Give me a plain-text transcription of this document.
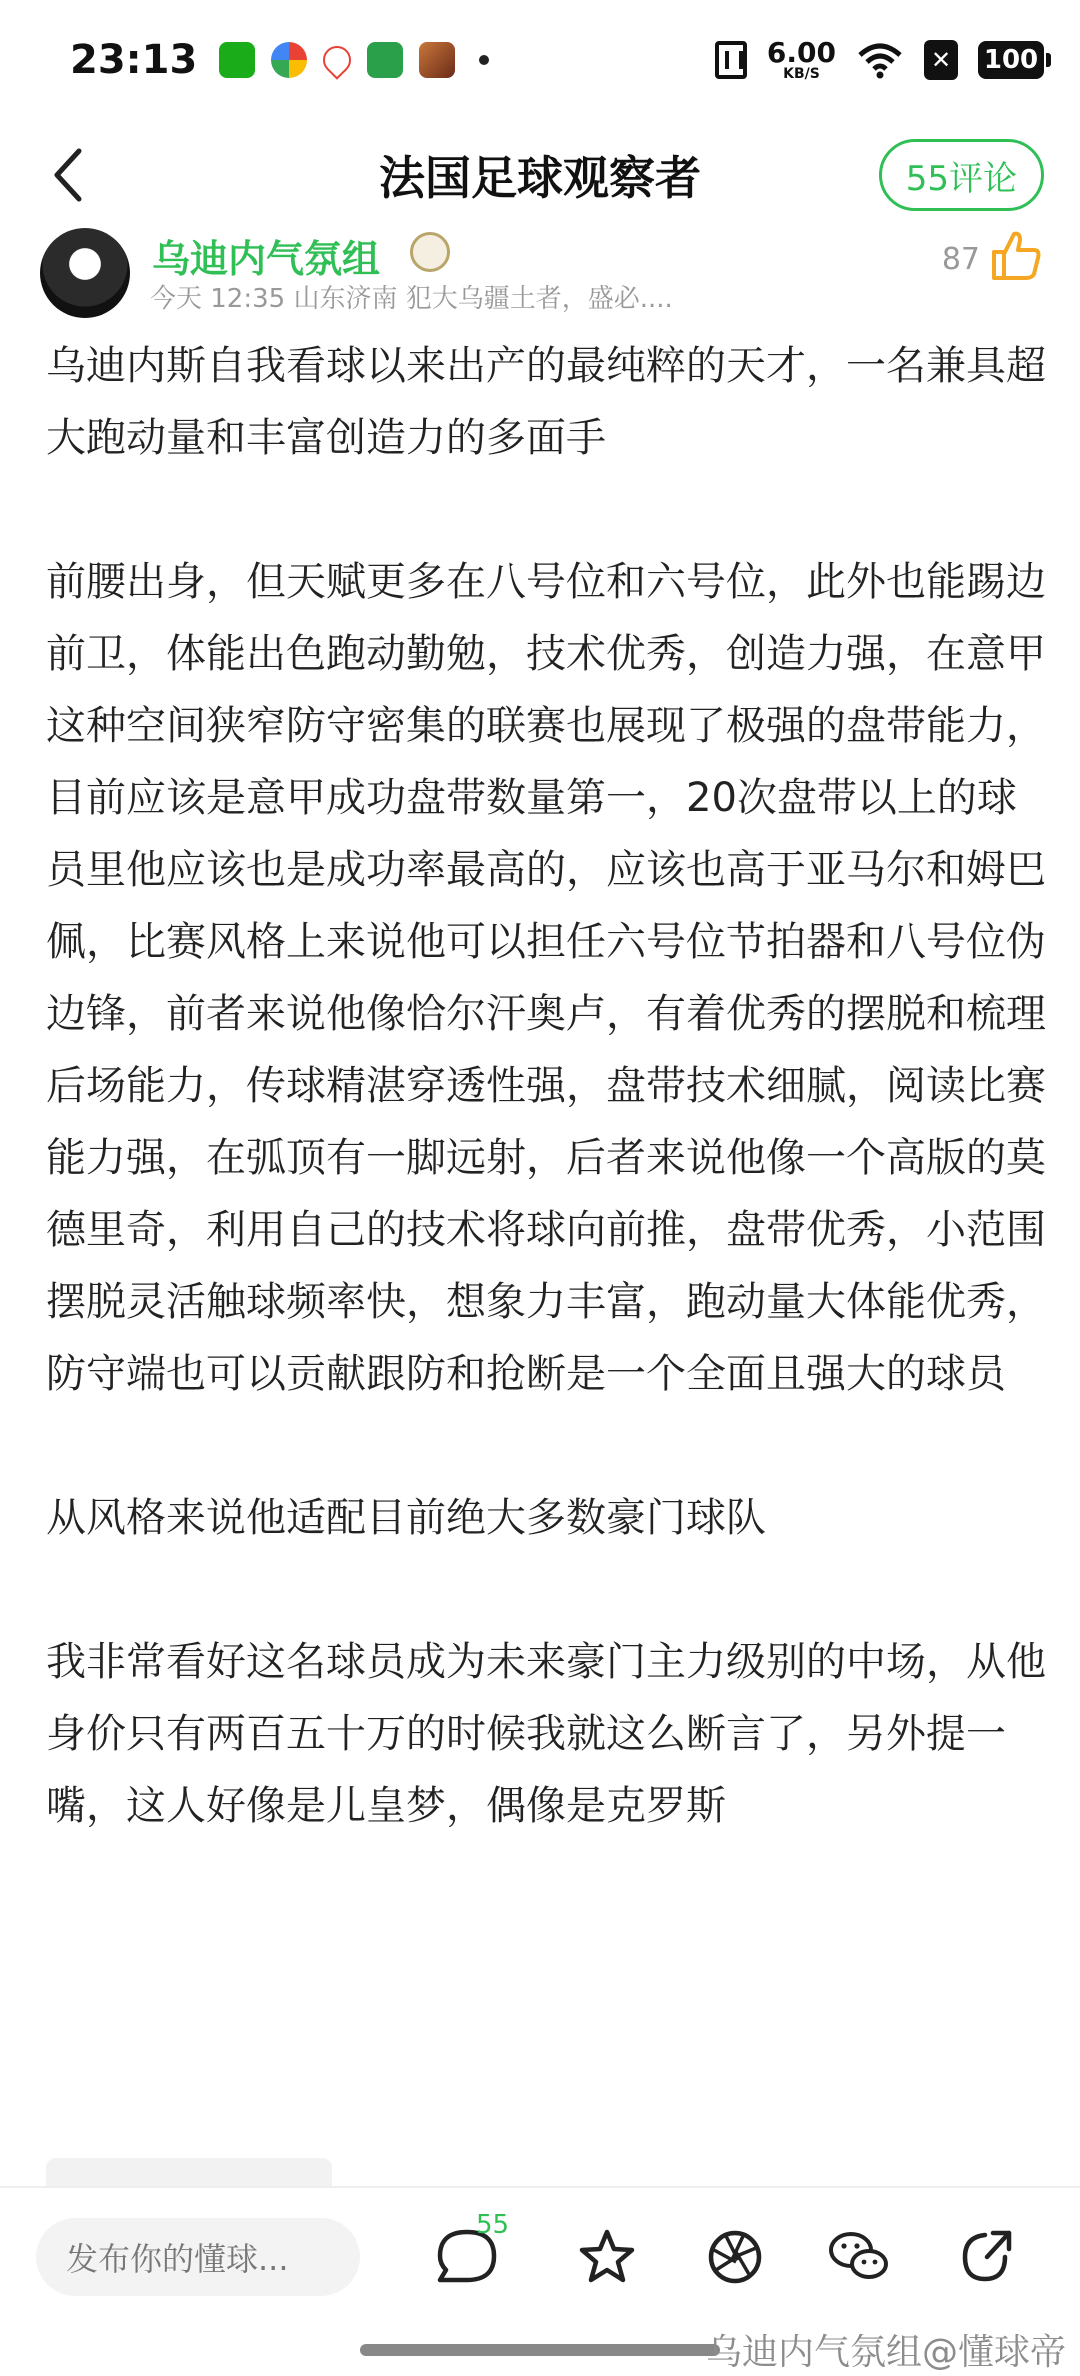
23:13	6.00
KB/S	✕ 100
法国足球观察者	55评论
乌迪内气氛组
今天 12:35 山东济南 犯大乌疆土者，盛必....
87

乌迪内斯自我看球以来出产的最纯粹的天才，一名兼具超大跑动量和丰富创造力的多面手

前腰出身，但天赋更多在八号位和六号位，此外也能踢边前卫，体能出色跑动勤勉，技术优秀，创造力强，在意甲这种空间狭窄防守密集的联赛也展现了极强的盘带能力，目前应该是意甲成功盘带数量第一，20次盘带以上的球员里他应该也是成功率最高的，应该也高于亚马尔和姆巴佩，比赛风格上来说他可以担任六号位节拍器和八号位伪边锋，前者来说他像恰尔汗奥卢，有着优秀的摆脱和梳理后场能力，传球精湛穿透性强，盘带技术细腻，阅读比赛能力强，在弧顶有一脚远射，后者来说他像一个高版的莫德里奇，利用自己的技术将球向前推，盘带优秀，小范围摆脱灵活触球频率快，想象力丰富，跑动量大体能优秀，防守端也可以贡献跟防和抢断是一个全面且强大的球员

从风格来说他适配目前绝大多数豪门球队

我非常看好这名球员成为未来豪门主力级别的中场，从他身价只有两百五十万的时候我就这么断言了，另外提一嘴，这人好像是儿皇梦，偶像是克罗斯

发布你的懂球...
55
乌迪内气氛组@懂球帝
